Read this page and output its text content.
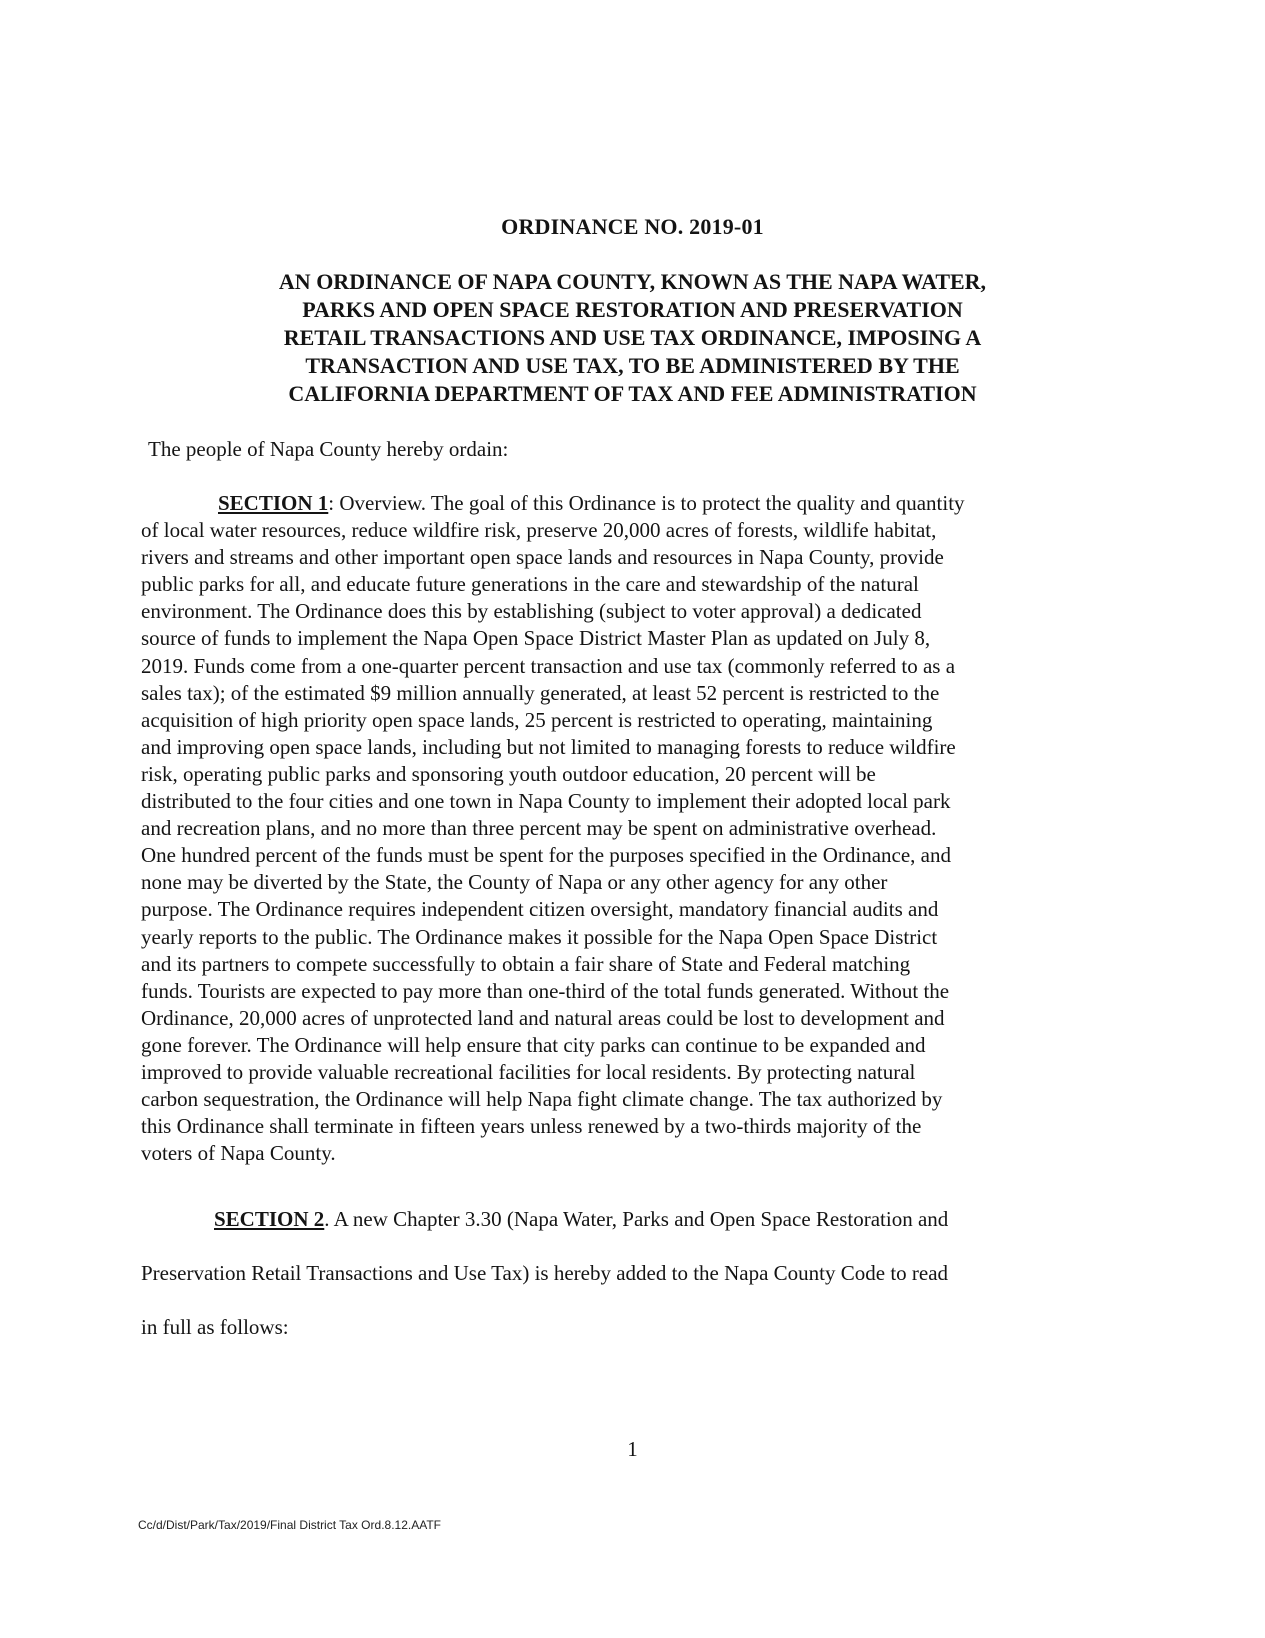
ORDINANCE NO. 2019-01
AN ORDINANCE OF NAPA COUNTY, KNOWN AS THE NAPA WATER,
PARKS AND OPEN SPACE RESTORATION AND PRESERVATION
RETAIL TRANSACTIONS AND USE TAX ORDINANCE, IMPOSING A
TRANSACTION AND USE TAX, TO BE ADMINISTERED BY THE
CALIFORNIA DEPARTMENT OF TAX AND FEE ADMINISTRATION
The people of Napa County hereby ordain:
SECTION 1: Overview. The goal of this Ordinance is to protect the quality and quantity
of local water resources, reduce wildfire risk, preserve 20,000 acres of forests, wildlife habitat,
rivers and streams and other important open space lands and resources in Napa County, provide
public parks for all, and educate future generations in the care and stewardship of the natural
environment. The Ordinance does this by establishing (subject to voter approval) a dedicated
source of funds to implement the Napa Open Space District Master Plan as updated on July 8,
2019. Funds come from a one-quarter percent transaction and use tax (commonly referred to as a
sales tax); of the estimated $9 million annually generated, at least 52 percent is restricted to the
acquisition of high priority open space lands, 25 percent is restricted to operating, maintaining
and improving open space lands, including but not limited to managing forests to reduce wildfire
risk, operating public parks and sponsoring youth outdoor education, 20 percent will be
distributed to the four cities and one town in Napa County to implement their adopted local park
and recreation plans, and no more than three percent may be spent on administrative overhead.
One hundred percent of the funds must be spent for the purposes specified in the Ordinance, and
none may be diverted by the State, the County of Napa or any other agency for any other
purpose. The Ordinance requires independent citizen oversight, mandatory financial audits and
yearly reports to the public. The Ordinance makes it possible for the Napa Open Space District
and its partners to compete successfully to obtain a fair share of State and Federal matching
funds. Tourists are expected to pay more than one-third of the total funds generated. Without the
Ordinance, 20,000 acres of unprotected land and natural areas could be lost to development and
gone forever. The Ordinance will help ensure that city parks can continue to be expanded and
improved to provide valuable recreational facilities for local residents. By protecting natural
carbon sequestration, the Ordinance will help Napa fight climate change. The tax authorized by
this Ordinance shall terminate in fifteen years unless renewed by a two-thirds majority of the
voters of Napa County.
SECTION 2. A new Chapter 3.30 (Napa Water, Parks and Open Space Restoration and
Preservation Retail Transactions and Use Tax) is hereby added to the Napa County Code to read
in full as follows:
1
Cc/d/Dist/Park/Tax/2019/Final District Tax Ord.8.12.AATF
